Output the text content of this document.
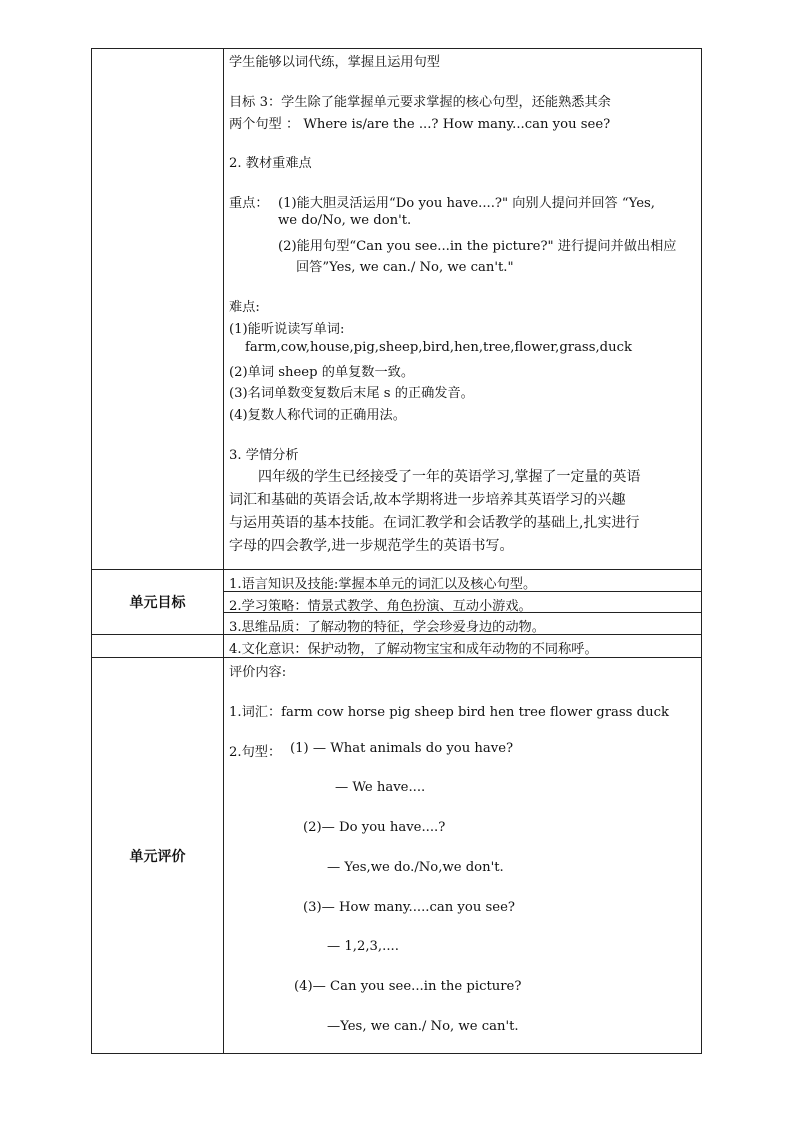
单元目标
单元评价
学生能够以词代练，掌握且运用句型
目标 3：学生除了能掌握单元要求掌握的核心句型，还能熟悉其余
两个句型 ： Where is/are the ...? How many...can you see?
2. 教材重难点
重点： (1)能大胆灵活运用“Do you have....?" 向别人提问并回答 “Yes,
we do/No, we don't.
(2)能用句型“Can you see...in the picture?" 进行提问并做出相应
回答”Yes, we can./ No, we can't."
难点:
(1)能听说读写单词:
farm,cow,house,pig,sheep,bird,hen,tree,flower,grass,duck
(2)单词 sheep 的单复数一致。
(3)名词单数变复数后末尾 s 的正确发音。
(4)复数人称代词的正确用法。
3. 学情分析
四年级的学生已经接受了一年的英语学习,掌握了一定量的英语
词汇和基础的英语会话,故本学期将进一步培养其英语学习的兴趣
与运用英语的基本技能。在词汇教学和会话教学的基础上,扎实进行
字母的四会教学,进一步规范学生的英语书写。
1.语言知识及技能:掌握本单元的词汇以及核心句型。
2.学习策略：情景式教学、角色扮演、互动小游戏。
3.思维品质：了解动物的特征，学会珍爱身边的动物。
4.文化意识：保护动物，了解动物宝宝和成年动物的不同称呼。
评价内容:
1.词汇：farm cow horse pig sheep bird hen tree flower grass duck
2.句型： (1) — What animals do you have?
— We have....
(2)— Do you have....?
— Yes,we do./No,we don't.
(3)— How many.....can you see?
— 1,2,3,....
(4)— Can you see...in the picture?
—Yes, we can./ No, we can't.
